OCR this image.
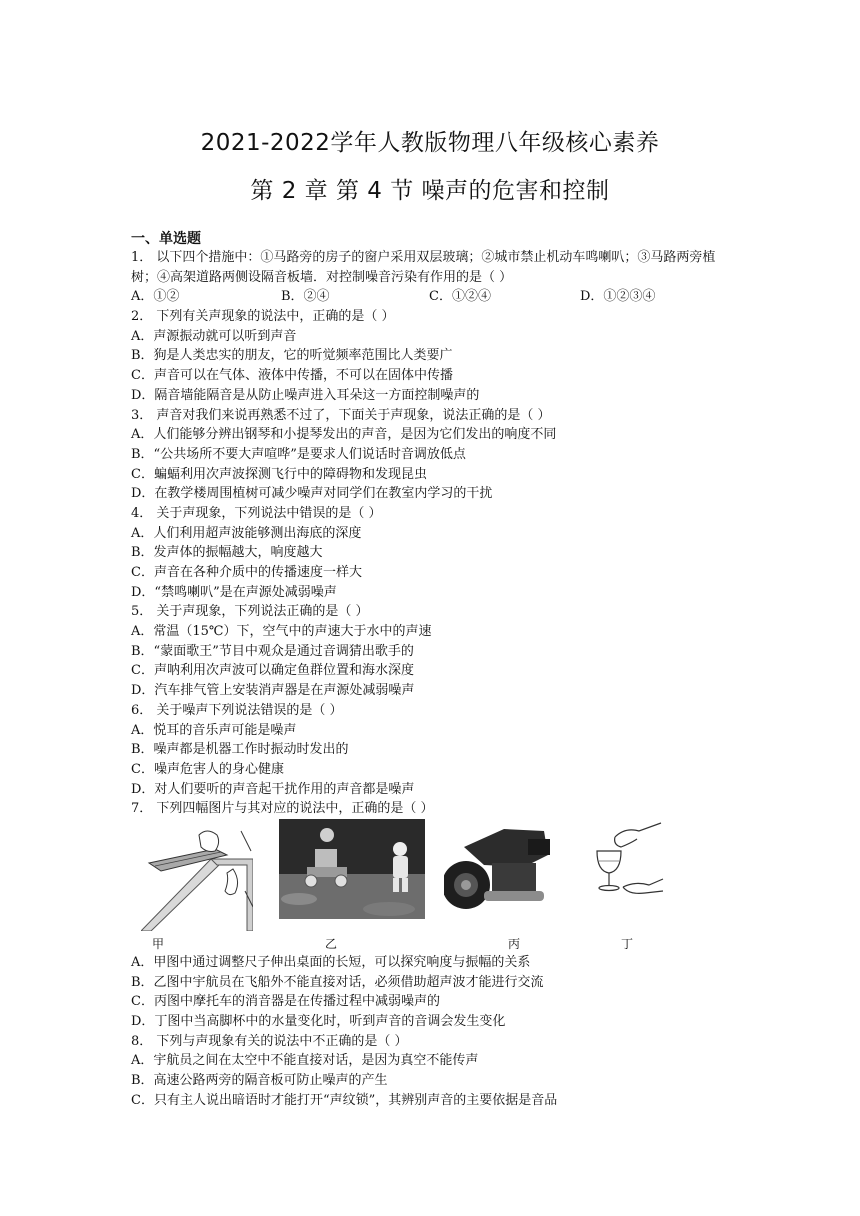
2021-2022学年人教版物理八年级核心素养
第 2 章 第 4 节 噪声的危害和控制
一、单选题
1． 以下四个措施中：①马路旁的房子的窗户采用双层玻璃；②城市禁止机动车鸣喇叭；③马路两旁植树；④高架道路两侧设隔音板墙．对控制噪音污染有作用的是（ ）
A．①②	B．②④	C．①②④	D．①②③④
2． 下列有关声现象的说法中，正确的是（ ）
A．声源振动就可以听到声音
B．狗是人类忠实的朋友，它的听觉频率范围比人类要广
C．声音可以在气体、液体中传播，不可以在固体中传播
D．隔音墙能隔音是从防止噪声进入耳朵这一方面控制噪声的
3． 声音对我们来说再熟悉不过了，下面关于声现象，说法正确的是（ ）
A．人们能够分辨出钢琴和小提琴发出的声音，是因为它们发出的响度不同
B．“公共场所不要大声喧哗”是要求人们说话时音调放低点
C．蝙蝠利用次声波探测飞行中的障碍物和发现昆虫
D．在教学楼周围植树可减少噪声对同学们在教室内学习的干扰
4． 关于声现象，下列说法中错误的是（ ）
A．人们利用超声波能够测出海底的深度
B．发声体的振幅越大，响度越大
C．声音在各种介质中的传播速度一样大
D．“禁鸣喇叭”是在声源处减弱噪声
5． 关于声现象，下列说法正确的是（ ）
A．常温（15℃）下，空气中的声速大于水中的声速
B．“蒙面歌王”节目中观众是通过音调猜出歌手的
C．声呐利用次声波可以确定鱼群位置和海水深度
D．汽车排气管上安装消声器是在声源处减弱噪声
6． 关于噪声下列说法错误的是（ ）
A．悦耳的音乐声可能是噪声
B．噪声都是机器工作时振动时发出的
C．噪声危害人的身心健康
D．对人们要听的声音起干扰作用的声音都是噪声
7． 下列四幅图片与其对应的说法中，正确的是（ ）
甲	乙	丙	丁
A．甲图中通过调整尺子伸出桌面的长短，可以探究响度与振幅的关系
B．乙图中宇航员在飞船外不能直接对话，必须借助超声波才能进行交流
C．丙图中摩托车的消音器是在传播过程中减弱噪声的
D．丁图中当高脚杯中的水量变化时，听到声音的音调会发生变化
8． 下列与声现象有关的说法中不正确的是（ ）
A．宇航员之间在太空中不能直接对话，是因为真空不能传声
B．高速公路两旁的隔音板可防止噪声的产生
C．只有主人说出暗语时才能打开“声纹锁”，其辨别声音的主要依据是音品
